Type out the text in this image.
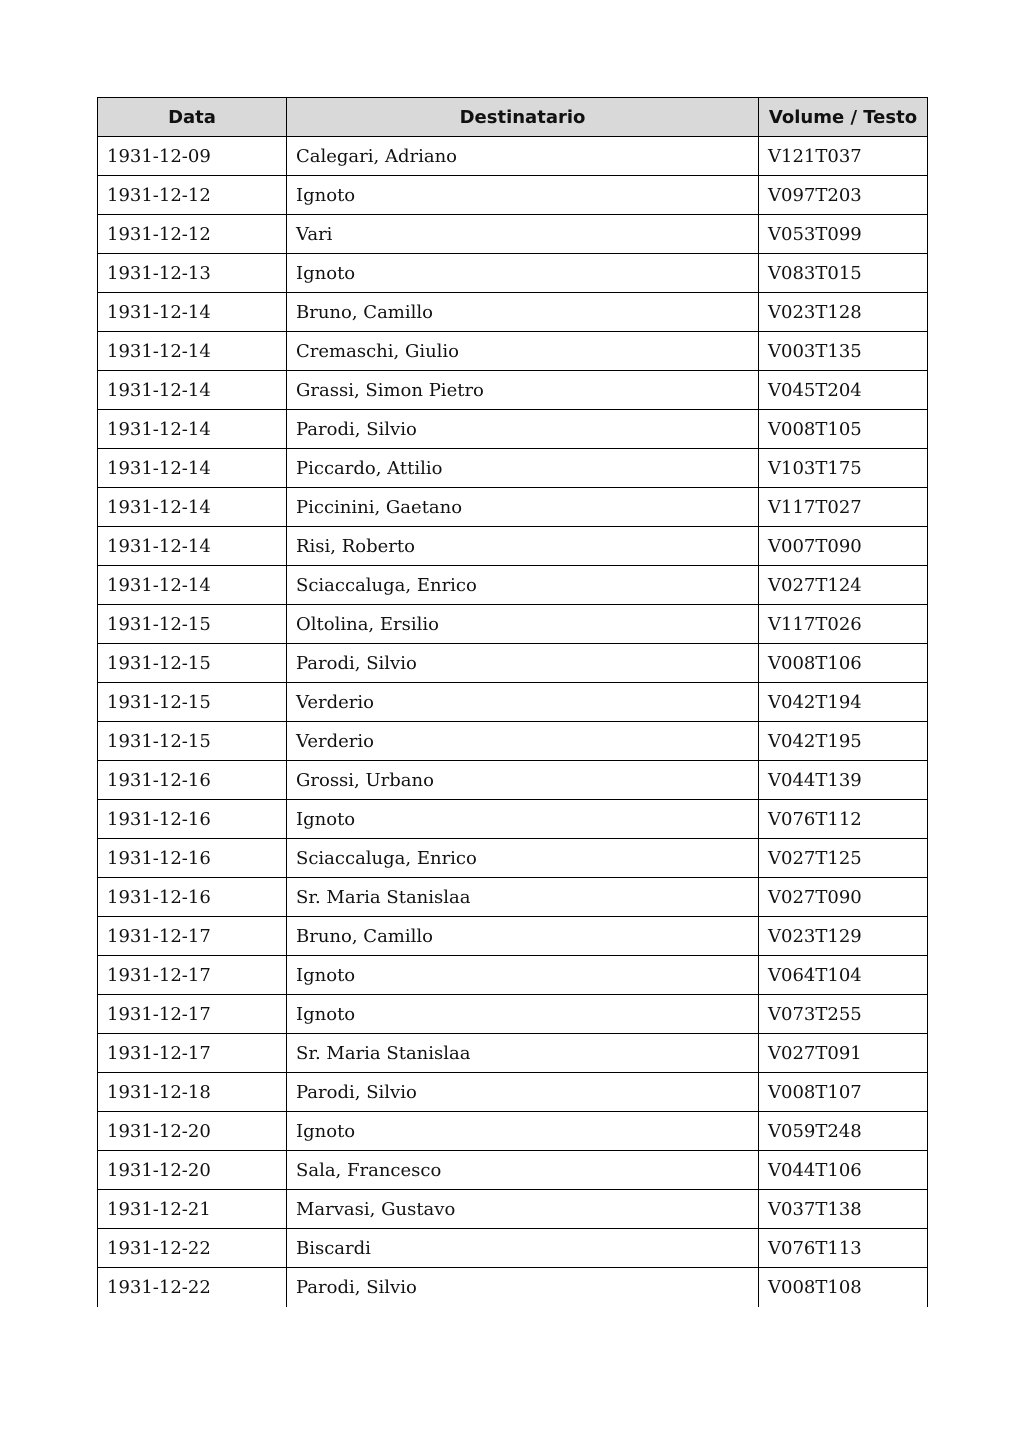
Data	Destinatario	Volume / Testo
1931-12-09	Calegari, Adriano	V121T037
1931-12-12	Ignoto	V097T203
1931-12-12	Vari	V053T099
1931-12-13	Ignoto	V083T015
1931-12-14	Bruno, Camillo	V023T128
1931-12-14	Cremaschi, Giulio	V003T135
1931-12-14	Grassi, Simon Pietro	V045T204
1931-12-14	Parodi, Silvio	V008T105
1931-12-14	Piccardo, Attilio	V103T175
1931-12-14	Piccinini, Gaetano	V117T027
1931-12-14	Risi, Roberto	V007T090
1931-12-14	Sciaccaluga, Enrico	V027T124
1931-12-15	Oltolina, Ersilio	V117T026
1931-12-15	Parodi, Silvio	V008T106
1931-12-15	Verderio	V042T194
1931-12-15	Verderio	V042T195
1931-12-16	Grossi, Urbano	V044T139
1931-12-16	Ignoto	V076T112
1931-12-16	Sciaccaluga, Enrico	V027T125
1931-12-16	Sr. Maria Stanislaa	V027T090
1931-12-17	Bruno, Camillo	V023T129
1931-12-17	Ignoto	V064T104
1931-12-17	Ignoto	V073T255
1931-12-17	Sr. Maria Stanislaa	V027T091
1931-12-18	Parodi, Silvio	V008T107
1931-12-20	Ignoto	V059T248
1931-12-20	Sala, Francesco	V044T106
1931-12-21	Marvasi, Gustavo	V037T138
1931-12-22	Biscardi	V076T113
1931-12-22	Parodi, Silvio	V008T108
